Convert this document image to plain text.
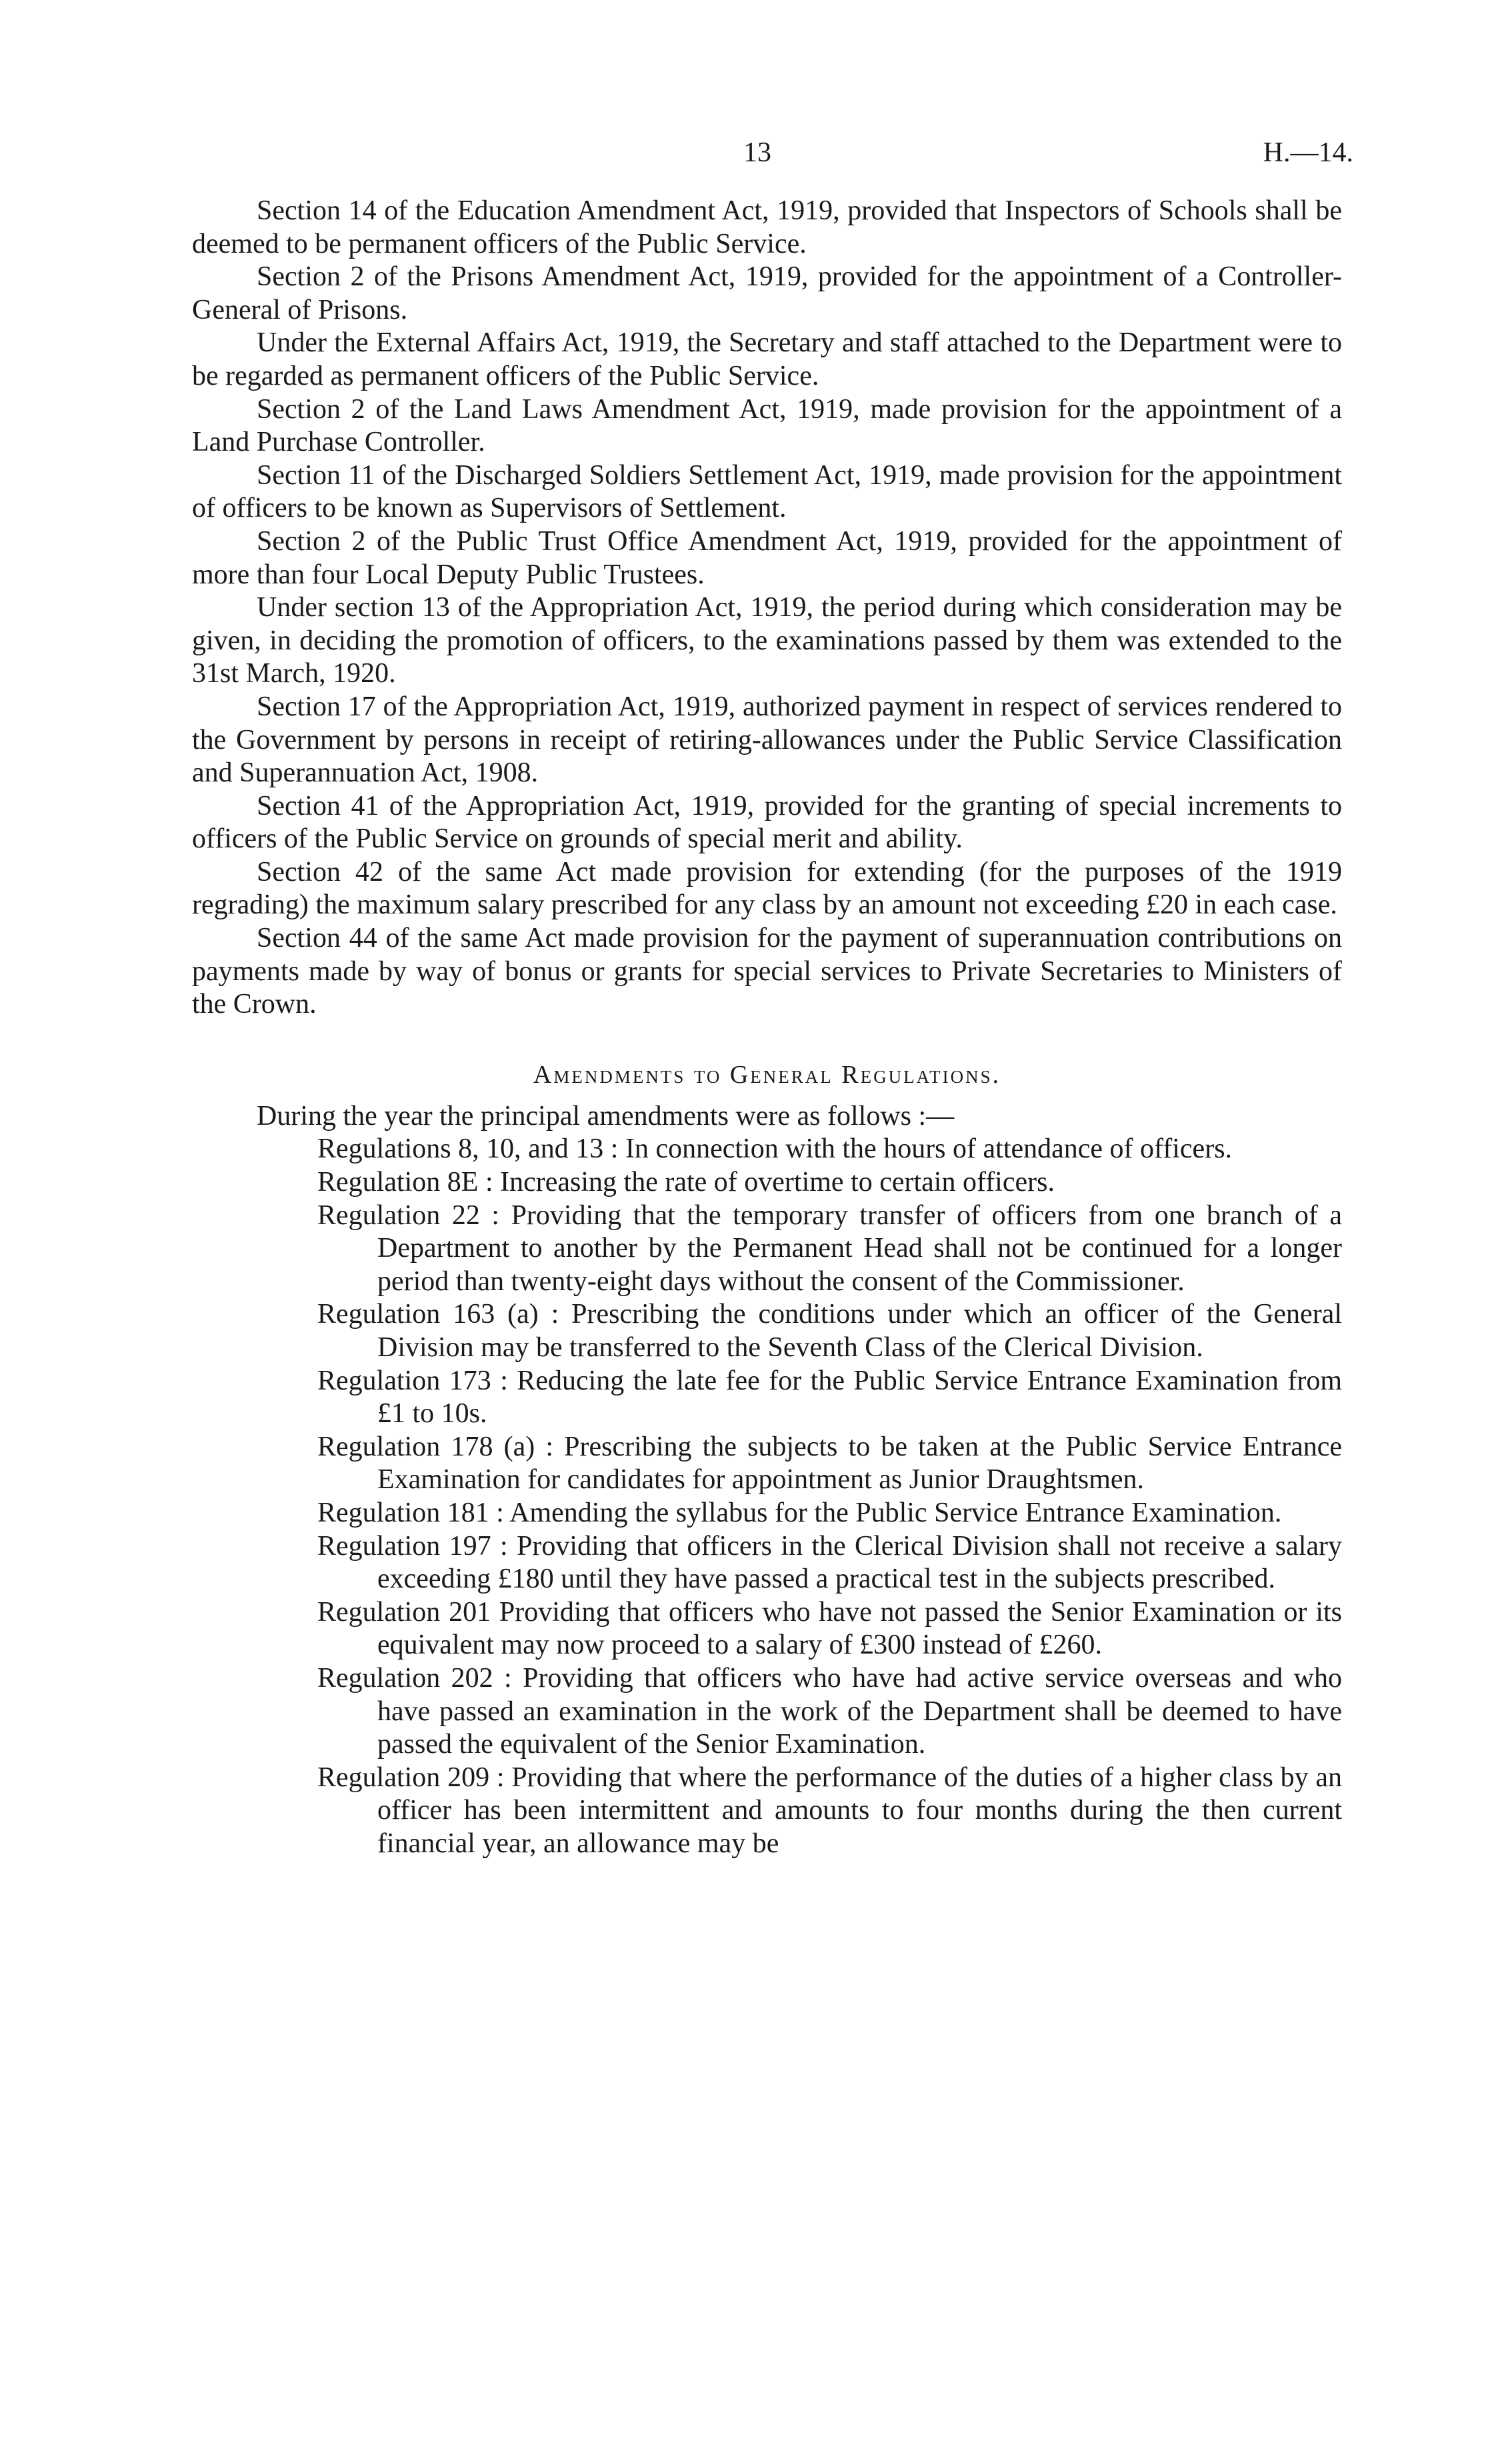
13	H.—14.

Section 14 of the Education Amendment Act, 1919, provided that Inspectors of Schools shall be deemed to be permanent officers of the Public Service.

Section 2 of the Prisons Amendment Act, 1919, provided for the appointment of a Controller-General of Prisons.

Under the External Affairs Act, 1919, the Secretary and staff attached to the Department were to be regarded as permanent officers of the Public Service.

Section 2 of the Land Laws Amendment Act, 1919, made provision for the appointment of a Land Purchase Controller.

Section 11 of the Discharged Soldiers Settlement Act, 1919, made provision for the appointment of officers to be known as Supervisors of Settlement.

Section 2 of the Public Trust Office Amendment Act, 1919, provided for the appointment of more than four Local Deputy Public Trustees.

Under section 13 of the Appropriation Act, 1919, the period during which consideration may be given, in deciding the promotion of officers, to the examinations passed by them was extended to the 31st March, 1920.

Section 17 of the Appropriation Act, 1919, authorized payment in respect of services rendered to the Government by persons in receipt of retiring-allowances under the Public Service Classification and Superannuation Act, 1908.

Section 41 of the Appropriation Act, 1919, provided for the granting of special increments to officers of the Public Service on grounds of special merit and ability.

Section 42 of the same Act made provision for extending (for the purposes of the 1919 regrading) the maximum salary prescribed for any class by an amount not exceeding £20 in each case.

Section 44 of the same Act made provision for the payment of superannuation contributions on payments made by way of bonus or grants for special services to Private Secretaries to Ministers of the Crown.

Amendments to General Regulations.

During the year the principal amendments were as follows :—

Regulations 8, 10, and 13 : In connection with the hours of attendance of officers.
Regulation 8E : Increasing the rate of overtime to certain officers.
Regulation 22 : Providing that the temporary transfer of officers from one branch of a Department to another by the Permanent Head shall not be continued for a longer period than twenty-eight days without the consent of the Commissioner.
Regulation 163 (a) : Prescribing the conditions under which an officer of the General Division may be transferred to the Seventh Class of the Clerical Division.
Regulation 173 : Reducing the late fee for the Public Service Entrance Examination from £1 to 10s.
Regulation 178 (a) : Prescribing the subjects to be taken at the Public Service Entrance Examination for candidates for appointment as Junior Draughtsmen.
Regulation 181 : Amending the syllabus for the Public Service Entrance Examination.
Regulation 197 : Providing that officers in the Clerical Division shall not receive a salary exceeding £180 until they have passed a practical test in the subjects prescribed.
Regulation 201 Providing that officers who have not passed the Senior Examination or its equivalent may now proceed to a salary of £300 instead of £260.
Regulation 202 : Providing that officers who have had active service overseas and who have passed an examination in the work of the Department shall be deemed to have passed the equivalent of the Senior Examination.
Regulation 209 : Providing that where the performance of the duties of a higher class by an officer has been intermittent and amounts to four months during the then current financial year, an allowance may be
